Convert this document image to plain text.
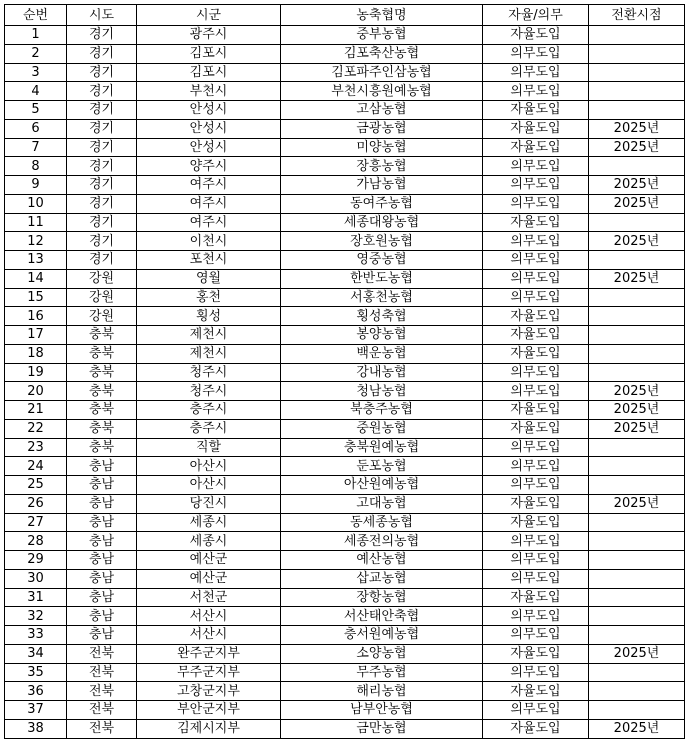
순번	시도	시군	농축협명	자율/의무	전환시점
1	경기	광주시	중부농협	자율도입	
2	경기	김포시	김포축산농협	의무도입	
3	경기	김포시	김포파주인삼농협	의무도입	
4	경기	부천시	부천시흥원예농협	의무도입	
5	경기	안성시	고삼농협	자율도입	
6	경기	안성시	금광농협	자율도입	2025년
7	경기	안성시	미양농협	자율도입	2025년
8	경기	양주시	장흥농협	의무도입	
9	경기	여주시	가남농협	의무도입	2025년
10	경기	여주시	동여주농협	의무도입	2025년
11	경기	여주시	세종대왕농협	자율도입	
12	경기	이천시	장호원농협	의무도입	2025년
13	경기	포천시	영중농협	의무도입	
14	강원	영월	한반도농협	의무도입	2025년
15	강원	홍천	서홍천농협	의무도입	
16	강원	횡성	횡성축협	자율도입	
17	충북	제천시	봉양농협	자율도입	
18	충북	제천시	백운농협	자율도입	
19	충북	청주시	강내농협	의무도입	
20	충북	청주시	청남농협	의무도입	2025년
21	충북	충주시	북충주농협	자율도입	2025년
22	충북	충주시	중원농협	자율도입	2025년
23	충북	직할	충북원예농협	의무도입	
24	충남	아산시	둔포농협	의무도입	
25	충남	아산시	아산원예농협	의무도입	
26	충남	당진시	고대농협	자율도입	2025년
27	충남	세종시	동세종농협	자율도입	
28	충남	세종시	세종전의농협	의무도입	
29	충남	예산군	예산농협	의무도입	
30	충남	예산군	삽교농협	의무도입	
31	충남	서천군	장항농협	자율도입	
32	충남	서산시	서산태안축협	의무도입	
33	충남	서산시	충서원예농협	의무도입	
34	전북	완주군지부	소양농협	자율도입	2025년
35	전북	무주군지부	무주농협	의무도입	
36	전북	고창군지부	해리농협	자율도입	
37	전북	부안군지부	남부안농협	의무도입	
38	전북	김제시지부	금만농협	자율도입	2025년
